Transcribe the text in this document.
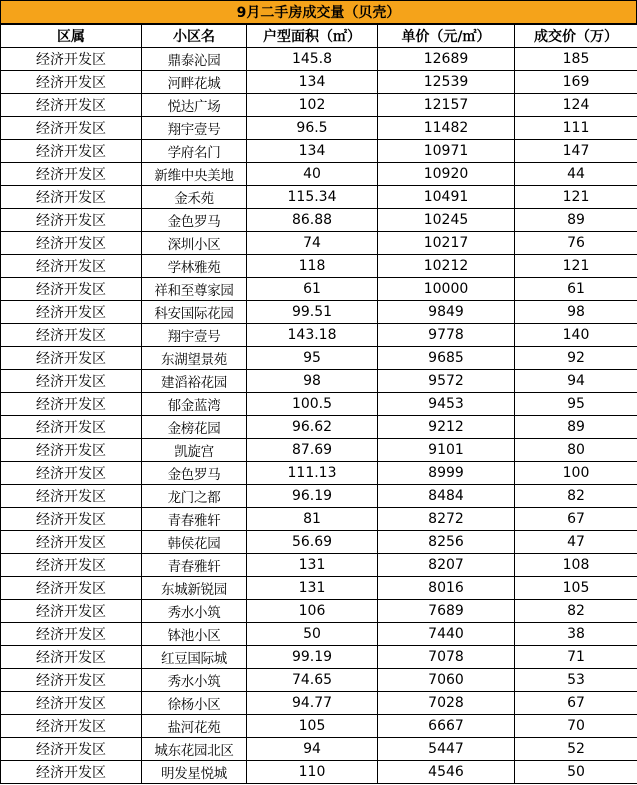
9月二手房成交量（贝壳）
区属	小区名	户型面积（㎡）	单价（元/㎡）	成交价（万）
经济开发区	鼎泰沁园	145.8	12689	185
经济开发区	河畔花城	134	12539	169
经济开发区	悦达广场	102	12157	124
经济开发区	翔宇壹号	96.5	11482	111
经济开发区	学府名门	134	10971	147
经济开发区	新维中央美地	40	10920	44
经济开发区	金禾苑	115.34	10491	121
经济开发区	金色罗马	86.88	10245	89
经济开发区	深圳小区	74	10217	76
经济开发区	学林雅苑	118	10212	121
经济开发区	祥和至尊家园	61	10000	61
经济开发区	科安国际花园	99.51	9849	98
经济开发区	翔宇壹号	143.18	9778	140
经济开发区	东湖望景苑	95	9685	92
经济开发区	建滔裕花园	98	9572	94
经济开发区	郁金蓝湾	100.5	9453	95
经济开发区	金榜花园	96.62	9212	89
经济开发区	凯旋宫	87.69	9101	80
经济开发区	金色罗马	111.13	8999	100
经济开发区	龙门之都	96.19	8484	82
经济开发区	青春雅轩	81	8272	67
经济开发区	韩侯花园	56.69	8256	47
经济开发区	青春雅轩	131	8207	108
经济开发区	东城新锐园	131	8016	105
经济开发区	秀水小筑	106	7689	82
经济开发区	钵池小区	50	7440	38
经济开发区	红豆国际城	99.19	7078	71
经济开发区	秀水小筑	74.65	7060	53
经济开发区	徐杨小区	94.77	7028	67
经济开发区	盐河花苑	105	6667	70
经济开发区	城东花园北区	94	5447	52
经济开发区	明发星悦城	110	4546	50
